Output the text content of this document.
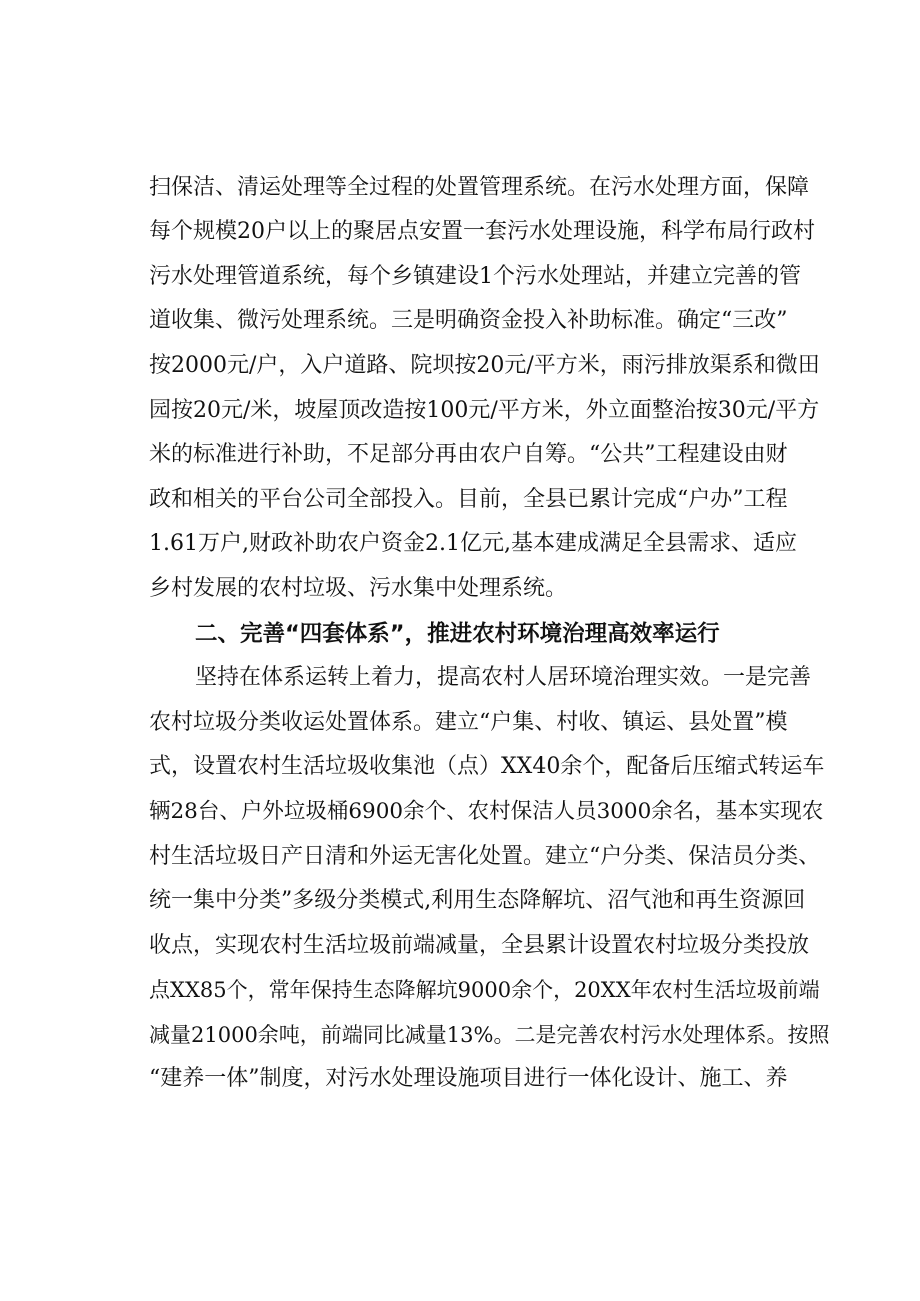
扫保洁、清运处理等全过程的处置管理系统。在污水处理方面，保障
每个规模20户以上的聚居点安置一套污水处理设施，科学布局行政村
污水处理管道系统，每个乡镇建设1个污水处理站，并建立完善的管
道收集、微污处理系统。三是明确资金投入补助标准。确定“三改”
按2000元/户，入户道路、院坝按20元/平方米，雨污排放渠系和微田
园按20元/米，坡屋顶改造按100元/平方米，外立面整治按30元/平方
米的标准进行补助，不足部分再由农户自筹。“公共”工程建设由财
政和相关的平台公司全部投入。目前，全县已累计完成“户办”工程
1.61万户,财政补助农户资金2.1亿元,基本建成满足全县需求、适应
乡村发展的农村垃圾、污水集中处理系统。
二、完善“四套体系”，推进农村环境治理高效率运行
坚持在体系运转上着力，提高农村人居环境治理实效。一是完善
农村垃圾分类收运处置体系。建立“户集、村收、镇运、县处置”模
式，设置农村生活垃圾收集池（点）XX40余个，配备后压缩式转运车
辆28台、户外垃圾桶6900余个、农村保洁人员3000余名，基本实现农
村生活垃圾日产日清和外运无害化处置。建立“户分类、保洁员分类、
统一集中分类”多级分类模式,利用生态降解坑、沼气池和再生资源回
收点，实现农村生活垃圾前端减量，全县累计设置农村垃圾分类投放
点XX85个，常年保持生态降解坑9000余个，20XX年农村生活垃圾前端
减量21000余吨，前端同比减量13%。二是完善农村污水处理体系。按照
“建养一体”制度，对污水处理设施项目进行一体化设计、施工、养
